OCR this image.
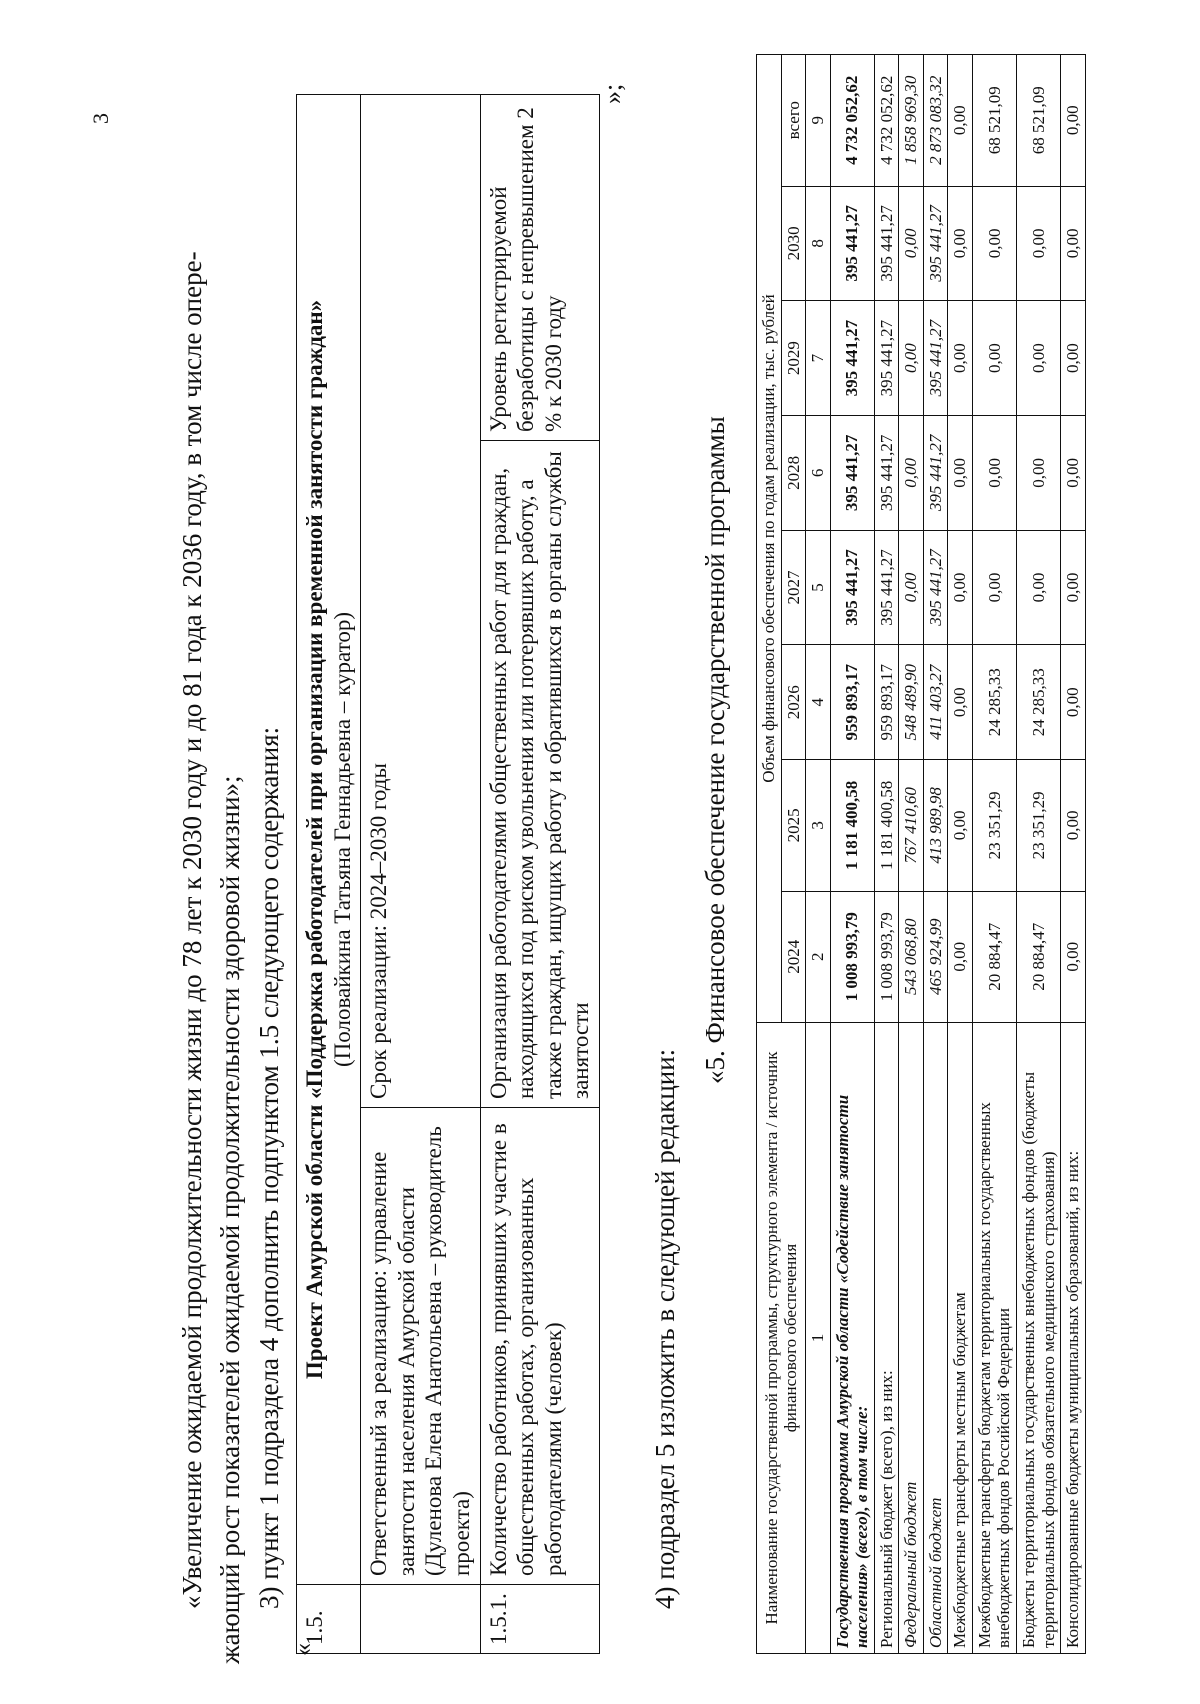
3
«Увеличение ожидаемой продолжительности жизни до 78 лет к 2030 году и до 81 года к 2036 году, в том числе опере- жающий рост показателей ожидаемой продолжительности здоровой жизни»; 3) пункт 1 подраздела 4 дополнить подпунктом 1.5 следующего содержания:
«
1.5.	Проект Амурской области «Поддержка работодателей при организации временной занятости граждан» (Половайкина Татьяна Геннадьевна – куратор)		
	Ответственный за реализацию: управление занятости населения Амурской области (Дуленова Елена Анатольевна – руководитель проекта)	Срок реализации: 2024–2030 годы	
1.5.1.	Количество работников, принявших участие в общественных работах, организованных работодателями (человек)	Организация работодателями общественных работ для граждан, находящихся под риском увольнения или потерявших работу, а также граждан, ищущих работу и обратившихся в органы службы занятости	Уровень регистрируемой безработицы с непревышением 2 % к 2030 году
»;
4) подраздел 5 изложить в следующей редакции:
«5. Финансовое обеспечение государственной программы
Наименование государственной программы, структурного элемента / источник финансового обеспечения	Объем финансового обеспечения по годам реализации, тыс. рублей							
	2024	2025	2026	2027	2028	2029	2030	всего
1	2	3	4	5	6	7	8	9
Государственная программа Амурской области «Содействие занятости населения» (всего), в том числе:	1 008 993,79	1 181 400,58	959 893,17	395 441,27	395 441,27	395 441,27	395 441,27	4 732 052,62
Региональный бюджет (всего), из них:	1 008 993,79	1 181 400,58	959 893,17	395 441,27	395 441,27	395 441,27	395 441,27	4 732 052,62
Федеральный бюджет	543 068,80	767 410,60	548 489,90	0,00	0,00	0,00	0,00	1 858 969,30
Областной бюджет	465 924,99	413 989,98	411 403,27	395 441,27	395 441,27	395 441,27	395 441,27	2 873 083,32
Межбюджетные трансферты местным бюджетам	0,00	0,00	0,00	0,00	0,00	0,00	0,00	0,00
Межбюджетные трансферты бюджетам территориальных государственных внебюджетных фондов Российской Федерации	20 884,47	23 351,29	24 285,33	0,00	0,00	0,00	0,00	68 521,09
Бюджеты территориальных государственных внебюджетных фондов (бюджеты территориальных фондов обязательного медицинского страхования)	20 884,47	23 351,29	24 285,33	0,00	0,00	0,00	0,00	68 521,09
Консолидированные бюджеты муниципальных образований, из них:	0,00	0,00	0,00	0,00	0,00	0,00	0,00	0,00
